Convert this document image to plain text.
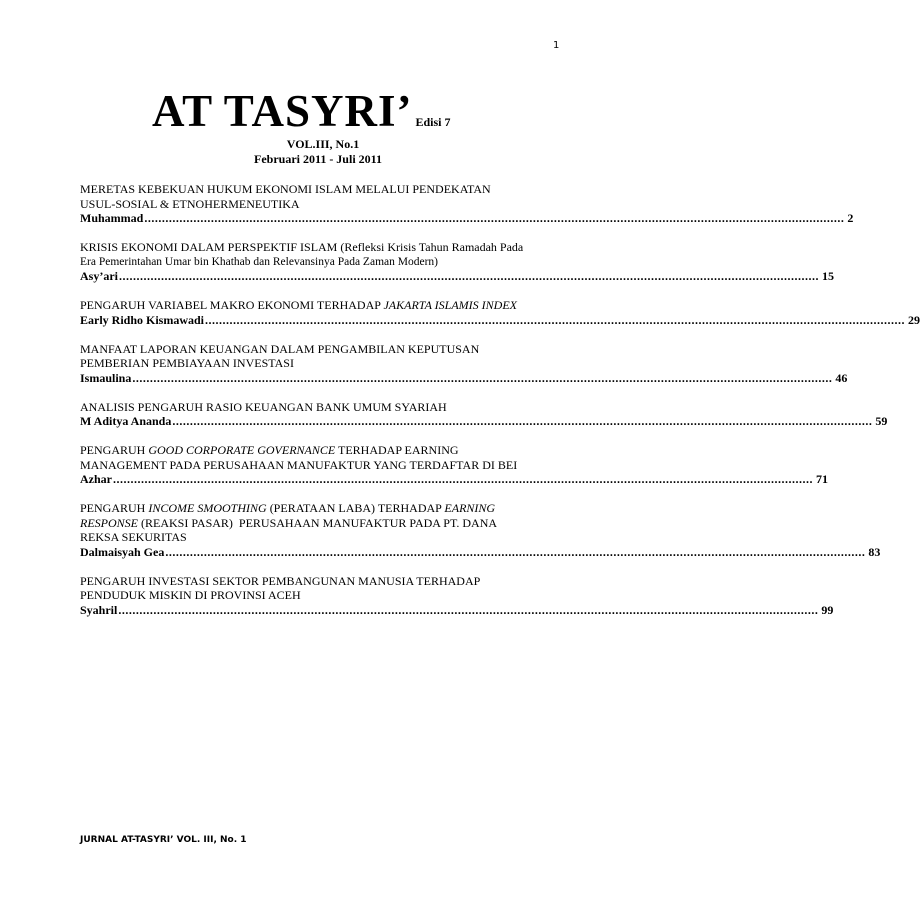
1
AT TASYRI’ Edisi 7
VOL.III, No.1
Februari 2011 - Juli 2011
MERETAS KEBEKUAN HUKUM EKONOMI ISLAM MELALUI PENDEKATAN
USUL-SOSIAL & ETNOHERMENEUTIKA
Muhammad ........................................................................................................................................................................................................ 2
KRISIS EKONOMI DALAM PERSPEKTIF ISLAM (Refleksi Krisis Tahun Ramadah Pada
Era Pemerintahan Umar bin Khathab dan Relevansinya Pada Zaman Modern)
Asy’ari ........................................................................................................................................................................................................ 15
PENGARUH VARIABEL MAKRO EKONOMI TERHADAP JAKARTA ISLAMIS INDEX
Early Ridho Kismawadi ........................................................................................................................................................................................................ 29
MANFAAT LAPORAN KEUANGAN DALAM PENGAMBILAN KEPUTUSAN
PEMBERIAN PEMBIAYAAN INVESTASI
Ismaulina ........................................................................................................................................................................................................ 46
ANALISIS PENGARUH RASIO KEUANGAN BANK UMUM SYARIAH
M Aditya Ananda ........................................................................................................................................................................................................ 59
PENGARUH GOOD CORPORATE GOVERNANCE TERHADAP EARNING
MANAGEMENT PADA PERUSAHAAN MANUFAKTUR YANG TERDAFTAR DI BEI
Azhar ........................................................................................................................................................................................................ 71
PENGARUH INCOME SMOOTHING (PERATAAN LABA) TERHADAP EARNING
RESPONSE (REAKSI PASAR)  PERUSAHAAN MANUFAKTUR PADA PT. DANA
REKSA SEKURITAS
Dalmaisyah Gea ........................................................................................................................................................................................................ 83
PENGARUH INVESTASI SEKTOR PEMBANGUNAN MANUSIA TERHADAP
PENDUDUK MISKIN DI PROVINSI ACEH
Syahril ........................................................................................................................................................................................................ 99
JURNAL AT-TASYRI’ VOL. III, No. 1
